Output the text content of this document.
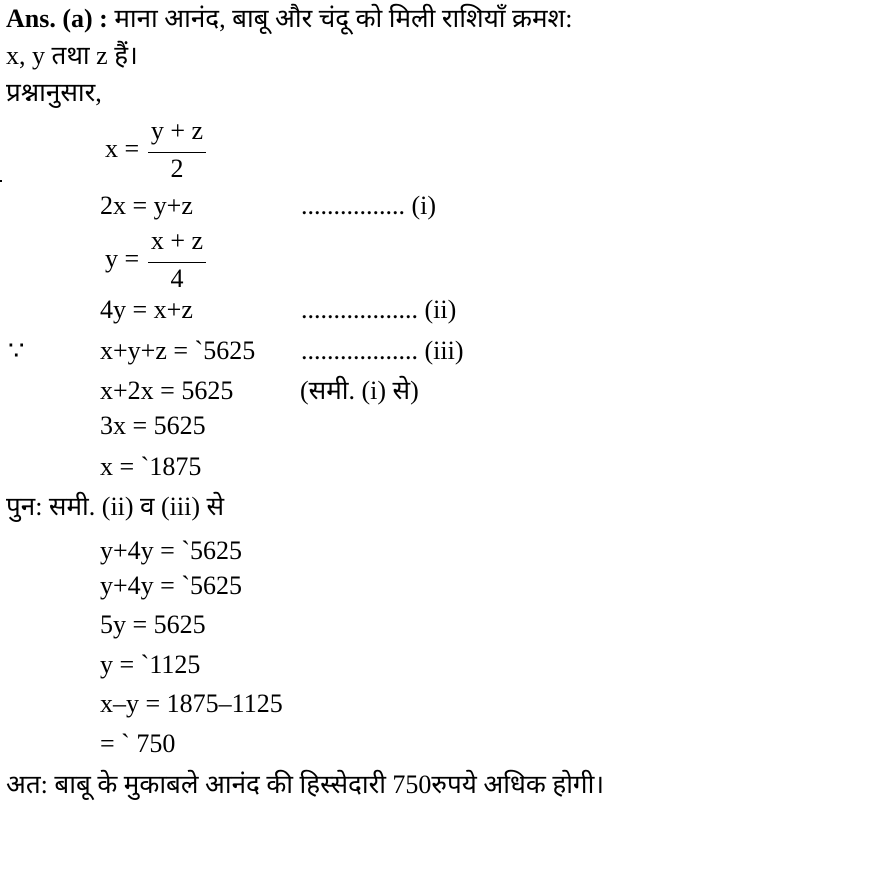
Ans. (a) : माना आनंद, बाबू और चंदू को मिली राशियाँ क्रमश:
x, y तथा z हैं।
प्रश्नानुसार,
x =
y + z
2
2x = y+z	................ (i)
y =
x + z
4
4y = x+z	.................. (ii)
∵	x+y+z = `5625 .................. (iii)
x+2x = 5625	(समी. (i) से)
3x = 5625
x = `1875
पुन: समी. (ii) व (iii) से
y+4y = `5625
y+4y = `5625
5y = 5625
y = `1125
x–y = 1875–1125
= ` 750
अत: बाबू के मुकाबले आनंद की हिस्सेदारी 750रुपये अधिक होगी।
